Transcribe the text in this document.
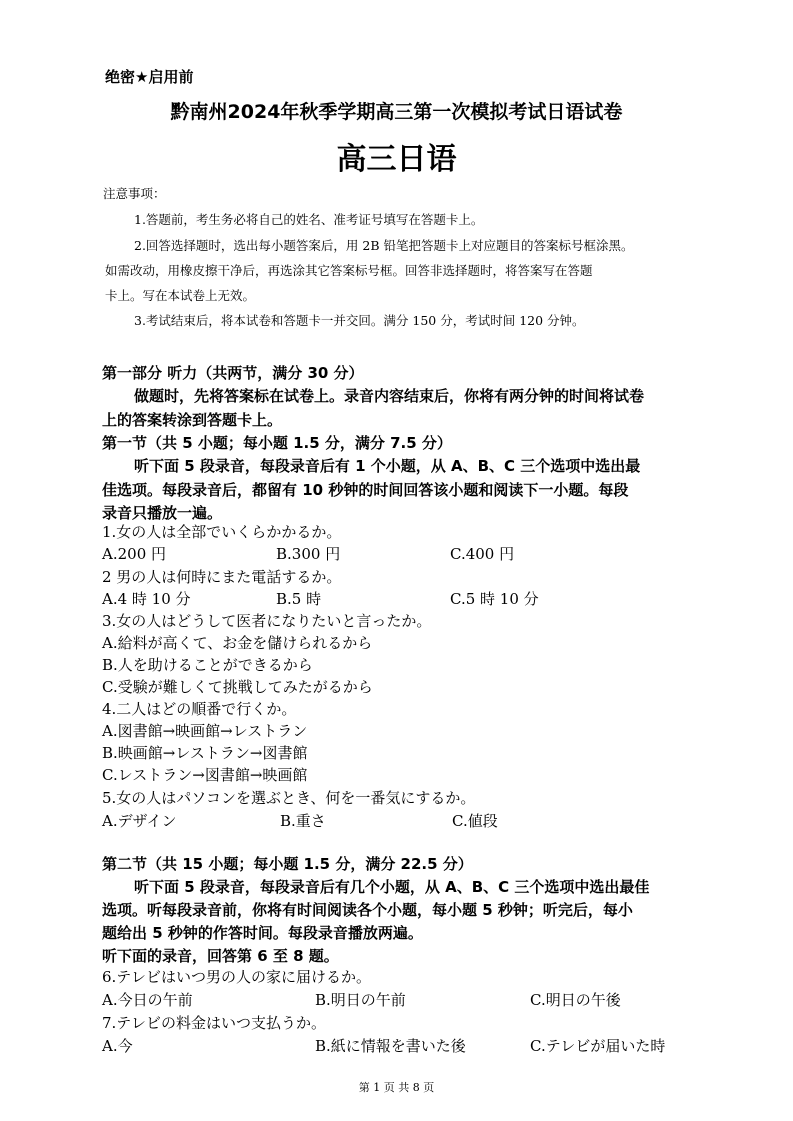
绝密★启用前
黔南州2024年秋季学期高三第一次模拟考试日语试卷
高三日语
注意事项：
1.答题前，考生务必将自己的姓名、准考证号填写在答题卡上。
2.回答选择题时，选出每小题答案后，用 2B 铅笔把答题卡上对应题目的答案标号框涂黑。
如需改动，用橡皮擦干净后，再选涂其它答案标号框。回答非选择题时，将答案写在答题
卡上。写在本试卷上无效。
3.考试结束后，将本试卷和答题卡一并交回。满分 150 分，考试时间 120 分钟。
第一部分 听力（共两节，满分 30 分）
做题时，先将答案标在试卷上。录音内容结束后，你将有两分钟的时间将试卷
上的答案转涂到答题卡上。
第一节（共 5 小题；每小题 1.5 分，满分 7.5 分）
听下面 5 段录音，每段录音后有 1 个小题，从 A、B、C 三个选项中选出最
佳选项。每段录音后，都留有 10 秒钟的时间回答该小题和阅读下一小题。每段
录音只播放一遍。
1.女の人は全部でいくらかかるか。
A.200 円	B.300 円	C.400 円
2 男の人は何時にまた電話するか。
A.4 時 10 分	B.5 時	C.5 時 10 分
3.女の人はどうして医者になりたいと言ったか。
A.給料が高くて、お金を儲けられるから
B.人を助けることができるから
C.受験が難しくて挑戦してみたがるから
4.二人はどの順番で行くか。
A.図書館→映画館→レストラン
B.映画館→レストラン→図書館
C.レストラン→図書館→映画館
5.女の人はパソコンを選ぶとき、何を一番気にするか。
A.デザイン	B.重さ	C.値段
第二节（共 15 小题；每小题 1.5 分，满分 22.5 分）
听下面 5 段录音，每段录音后有几个小题，从 A、B、C 三个选项中选出最佳
选项。听每段录音前，你将有时间阅读各个小题，每小题 5 秒钟；听完后，每小
题给出 5 秒钟的作答时间。每段录音播放两遍。
听下面的录音，回答第 6 至 8 题。
6.テレビはいつ男の人の家に届けるか。
A.今日の午前	B.明日の午前	C.明日の午後
7.テレビの料金はいつ支払うか。
A.今	B.紙に情報を書いた後	C.テレビが届いた時
第 1 页 共 8 页
